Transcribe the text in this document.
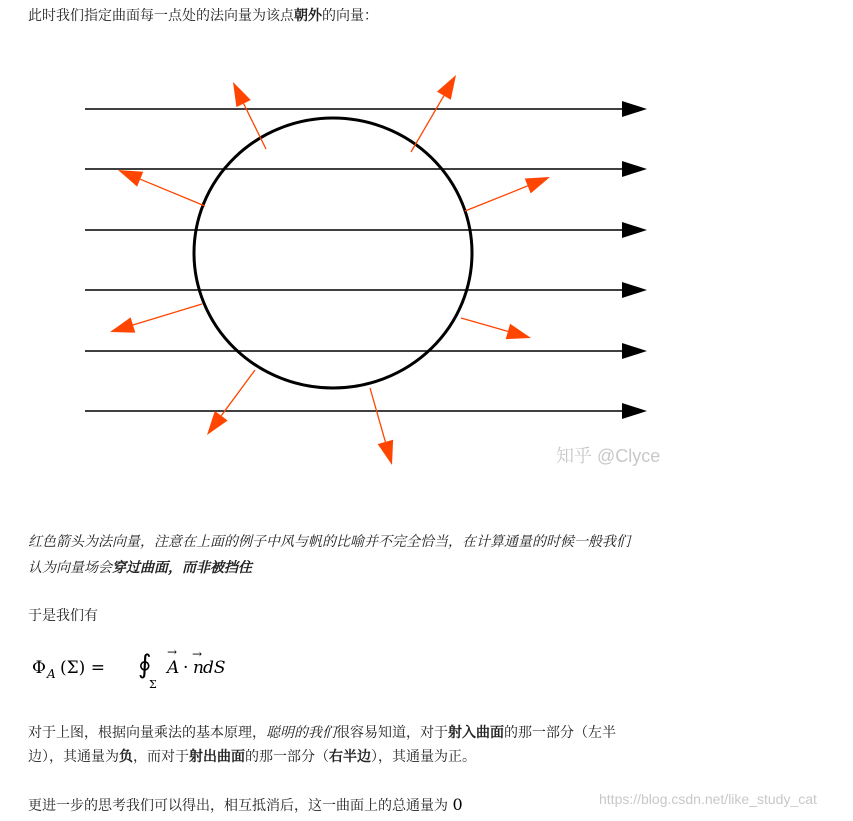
此时我们指定曲面每一点处的法向量为该点朝外的向量：

知乎 @Clyce

红色箭头为法向量，注意在上面的例子中风与帆的比喻并不完全恰当，在计算通量的时候一般我们

认为向量场会穿过曲面，而非被挡住

于是我们有

Φ A (Σ) = ∮
Σ
→
A ·
→
n dS

对于上图，根据向量乘法的基本原理，聪明的我们很容易知道，对于射入曲面的那一部分（左半

边），其通量为负，而对于射出曲面的那一部分（右半边），其通量为正。

更进一步的思考我们可以得出，相互抵消后，这一曲面上的总通量为 0	https://blog.csdn.net/like_study_cat
